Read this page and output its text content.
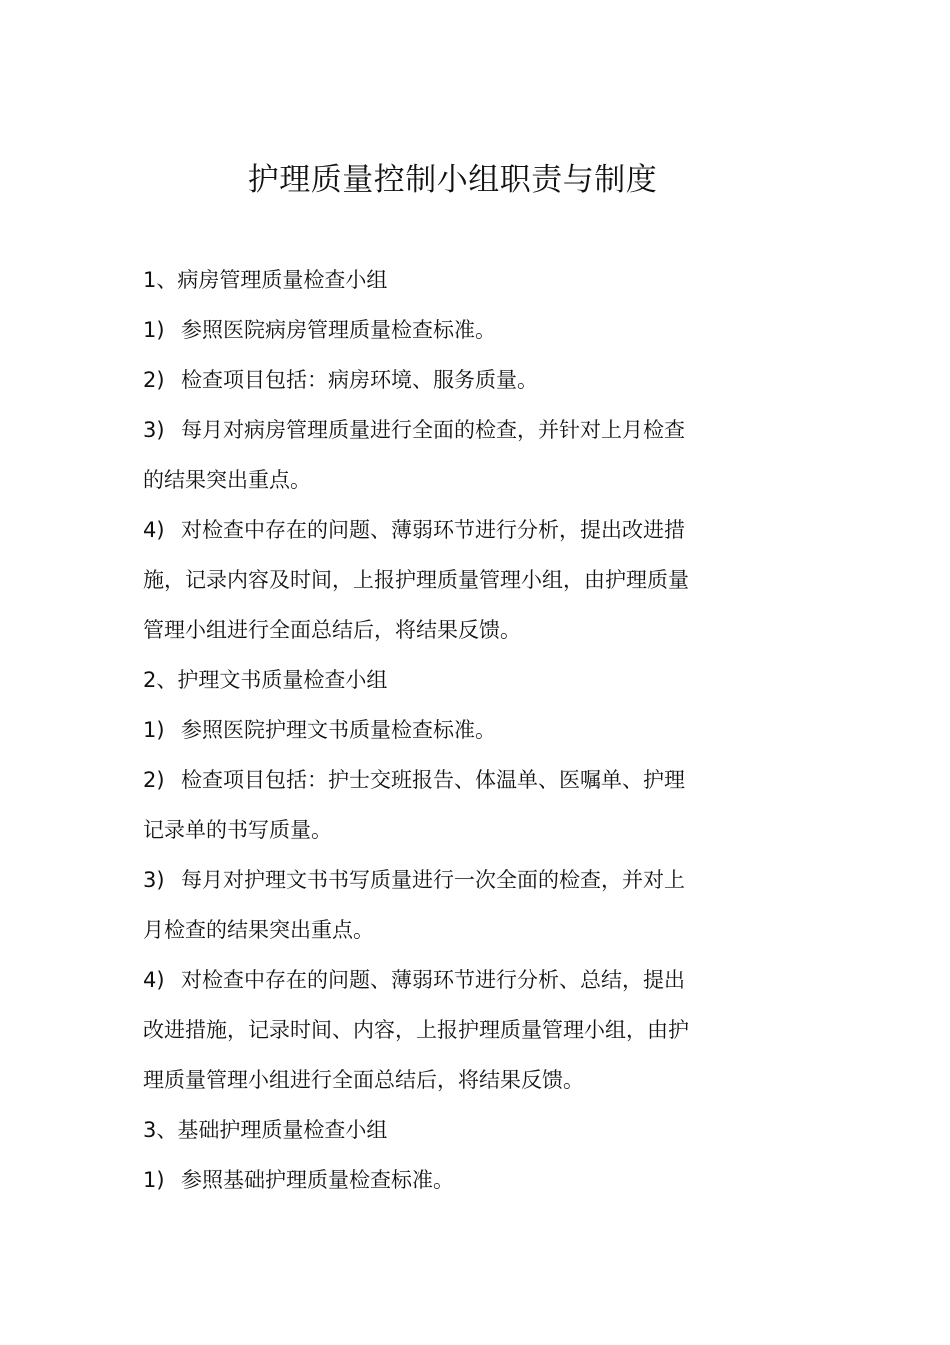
护理质量控制小组职责与制度

1、病房管理质量检查小组

1) 参照医院病房管理质量检查标准。

2) 检查项目包括：病房环境、服务质量。

3) 每月对病房管理质量进行全面的检查，并针对上月检查

的结果突出重点。

4) 对检查中存在的问题、薄弱环节进行分析，提出改进措

施，记录内容及时间，上报护理质量管理小组，由护理质量

管理小组进行全面总结后，将结果反馈。

2、护理文书质量检查小组

1) 参照医院护理文书质量检查标准。

2) 检查项目包括：护士交班报告、体温单、医嘱单、护理

记录单的书写质量。

3) 每月对护理文书书写质量进行一次全面的检查，并对上

月检查的结果突出重点。

4) 对检查中存在的问题、薄弱环节进行分析、总结，提出

改进措施，记录时间、内容，上报护理质量管理小组，由护

理质量管理小组进行全面总结后，将结果反馈。

3、基础护理质量检查小组

1) 参照基础护理质量检查标准。
